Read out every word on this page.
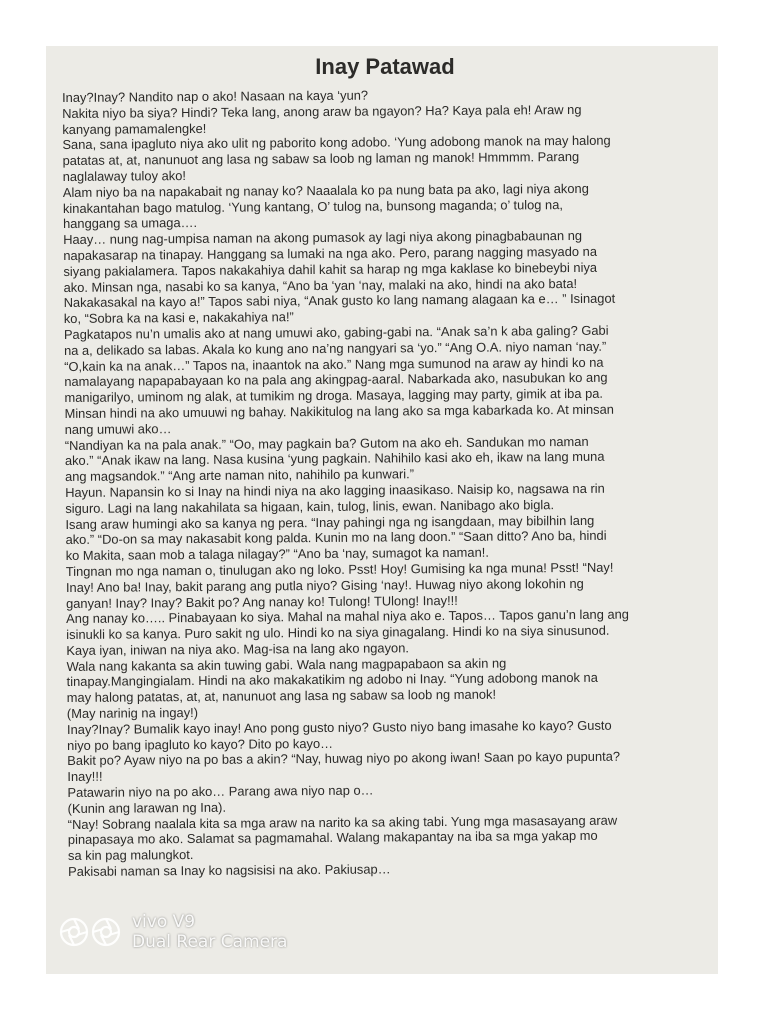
Inay Patawad
Inay?Inay? Nandito nap o ako! Nasaan na kaya ‘yun?
Nakita niyo ba siya? Hindi? Teka lang, anong araw ba ngayon? Ha? Kaya pala eh! Araw ng
kanyang pamamalengke!
Sana, sana ipagluto niya ako ulit ng paborito kong adobo. ‘Yung adobong manok na may halong
patatas at, at, nanunuot ang lasa ng sabaw sa loob ng laman ng manok! Hmmmm. Parang
naglalaway tuloy ako!
Alam niyo ba na napakabait ng nanay ko? Naaalala ko pa nung bata pa ako, lagi niya akong
kinakantahan bago matulog. ‘Yung kantang, O’ tulog na, bunsong maganda; o’ tulog na,
hanggang sa umaga….
Haay… nung nag-umpisa naman na akong pumasok ay lagi niya akong pinagbabaunan ng
napakasarap na tinapay. Hanggang sa lumaki na nga ako. Pero, parang nagging masyado na
siyang pakialamera. Tapos nakakahiya dahil kahit sa harap ng mga kaklase ko binebeybi niya
ako. Minsan nga, nasabi ko sa kanya, “Ano ba ‘yan ‘nay, malaki na ako, hindi na ako bata!
Nakakasakal na kayo a!” Tapos sabi niya, “Anak gusto ko lang namang alagaan ka e… ” Isinagot
ko, “Sobra ka na kasi e, nakakahiya na!”
Pagkatapos nu’n umalis ako at nang umuwi ako, gabing-gabi na. “Anak sa’n k aba galing? Gabi
na a, delikado sa labas. Akala ko kung ano na’ng nangyari sa ‘yo.” “Ang O.A. niyo naman ‘nay.”
“O,kain ka na anak…” Tapos na, inaantok na ako.” Nang mga sumunod na araw ay hindi ko na
namalayang napapabayaan ko na pala ang akingpag-aaral. Nabarkada ako, nasubukan ko ang
manigarilyo, uminom ng alak, at tumikim ng droga. Masaya, lagging may party, gimik at iba pa.
Minsan hindi na ako umuuwi ng bahay. Nakikitulog na lang ako sa mga kabarkada ko. At minsan
nang umuwi ako…
“Nandiyan ka na pala anak.” “Oo, may pagkain ba? Gutom na ako eh. Sandukan mo naman
ako.” “Anak ikaw na lang. Nasa kusina ‘yung pagkain. Nahihilo kasi ako eh, ikaw na lang muna
ang magsandok.” “Ang arte naman nito, nahihilo pa kunwari.”
Hayun. Napansin ko si Inay na hindi niya na ako lagging inaasikaso. Naisip ko, nagsawa na rin
siguro. Lagi na lang nakahilata sa higaan, kain, tulog, linis, ewan. Nanibago ako bigla.
Isang araw humingi ako sa kanya ng pera. “Inay pahingi nga ng isangdaan, may bibilhin lang
ako.” “Do-on sa may nakasabit kong palda. Kunin mo na lang doon.” “Saan ditto? Ano ba, hindi
ko Makita, saan mob a talaga nilagay?” “Ano ba ‘nay, sumagot ka naman!.
Tingnan mo nga naman o, tinulugan ako ng loko. Psst! Hoy! Gumising ka nga muna! Psst! “Nay!
Inay! Ano ba! Inay, bakit parang ang putla niyo? Gising ‘nay!. Huwag niyo akong lokohin ng
ganyan! Inay? Inay? Bakit po? Ang nanay ko! Tulong! TUlong! Inay!!!
Ang nanay ko….. Pinabayaan ko siya. Mahal na mahal niya ako e. Tapos… Tapos ganu’n lang ang
isinukli ko sa kanya. Puro sakit ng ulo. Hindi ko na siya ginagalang. Hindi ko na siya sinusunod.
Kaya iyan, iniwan na niya ako. Mag-isa na lang ako ngayon.
Wala nang kakanta sa akin tuwing gabi. Wala nang magpapabaon sa akin ng
tinapay.Mangingialam. Hindi na ako makakatikim ng adobo ni Inay. “Yung adobong manok na
may halong patatas, at, at, nanunuot ang lasa ng sabaw sa loob ng manok!
(May narinig na ingay!)
Inay?Inay? Bumalik kayo inay! Ano pong gusto niyo? Gusto niyo bang imasahe ko kayo? Gusto
niyo po bang ipagluto ko kayo? Dito po kayo…
Bakit po? Ayaw niyo na po bas a akin? “Nay, huwag niyo po akong iwan! Saan po kayo pupunta?
Inay!!!
Patawarin niyo na po ako… Parang awa niyo nap o…
(Kunin ang larawan ng Ina).
“Nay! Sobrang naalala kita sa mga araw na narito ka sa aking tabi. Yung mga masasayang araw
pinapasaya mo ako. Salamat sa pagmamahal. Walang makapantay na iba sa mga yakap mo
sa kin pag malungkot.
Pakisabi naman sa Inay ko nagsisisi na ako. Pakiusap…
vivo V9
Dual Rear Camera
